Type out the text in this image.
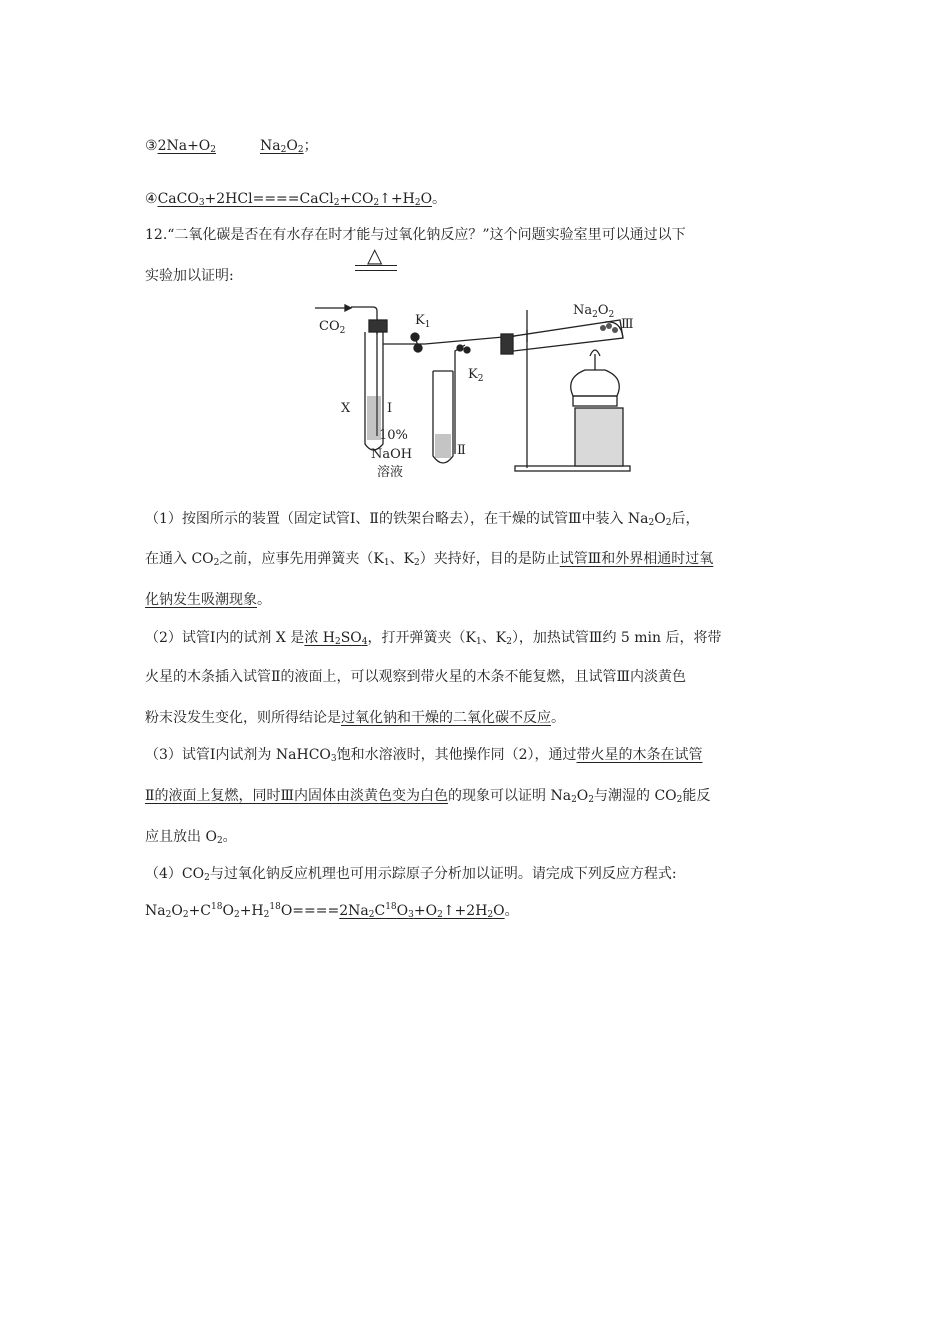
△
$③2Na+O_2$	$Na_2O_2$；
$④CaCO_3+2HCl====CaCl_2+CO_2↑+H_2O$。
12.“二氧化碳是否在有水存在时才能与过氧化钠反应？”这个问题实验室里可以通过以下
实验加以证明:
$CO_2$
$K_1$
$K_2$
$Na_2O_2$
Ⅲ
X	Ⅰ
Ⅱ
10%
NaOH
溶液
（1）按图所示的装置（固定试管Ⅰ、Ⅱ的铁架台略去），在干燥的试管Ⅲ中装入 $Na_2O_2$后，
在通入 $CO_2$之前，应事先用弹簧夹（$K_1$、$K_2$）夹持好，目的是防止试管Ⅲ和外界相通时过氧
化钠发生吸潮现象。
（2）试管Ⅰ内的试剂 X 是浓 $H_2SO_4$，打开弹簧夹（$K_1$、$K_2$），加热试管Ⅲ约 5 min 后，将带
火星的木条插入试管Ⅱ的液面上，可以观察到带火星的木条不能复燃，且试管Ⅲ内淡黄色
粉末没发生变化，则所得结论是过氧化钠和干燥的二氧化碳不反应。
（3）试管Ⅰ内试剂为 NaHCO$_3$饱和水溶液时，其他操作同（2），通过带火星的木条在试管
Ⅱ的液面上复燃，同时Ⅲ内固体由淡黄色变为白色的现象可以证明 $Na_2O_2$与潮湿的 $CO_2$能反
应且放出 $O_2$。
$(4)CO_2$与过氧化钠反应机理也可用示踪原子分析加以证明。请完成下列反应方程式:
$Na_2O_2+C^{18}O_2+H_2^{18}O====2Na_2C^{18}O_3+O_2↑+2H_2O$。
